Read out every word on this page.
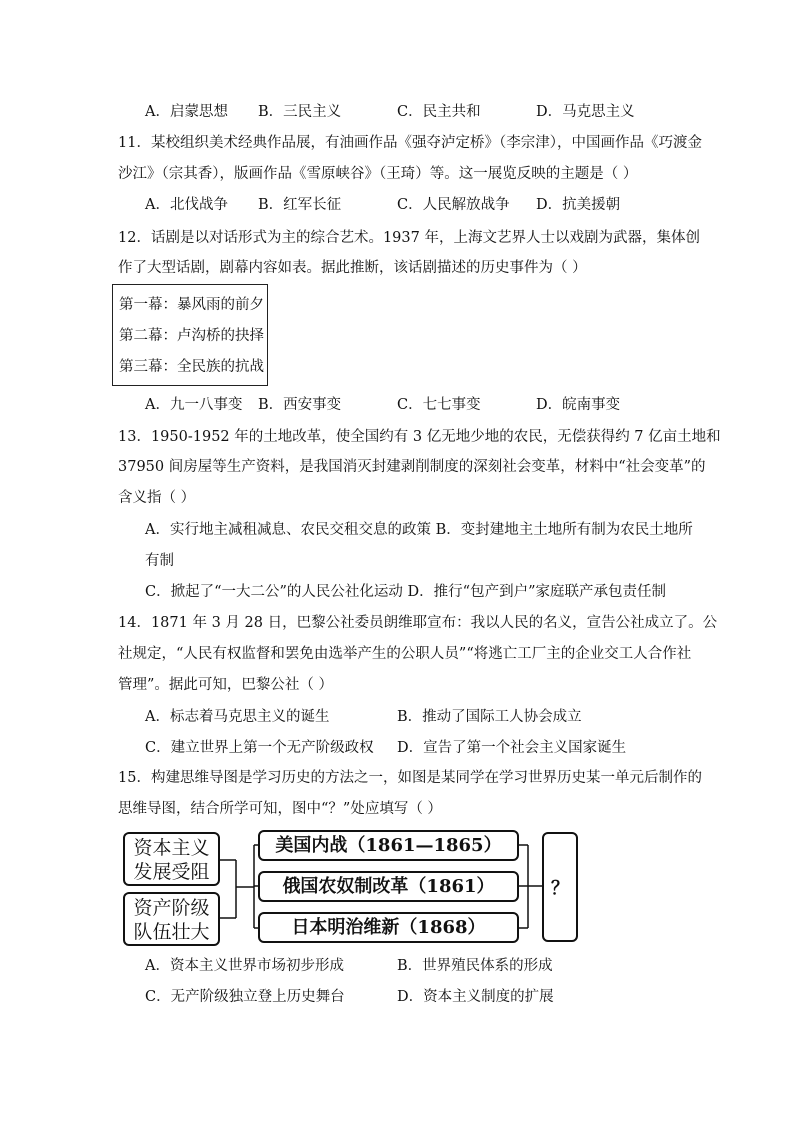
A．启蒙思想 B．三民主义	C．民主共和	D．马克思主义
11．某校组织美术经典作品展，有油画作品《强夺泸定桥》（李宗津），中国画作品《巧渡金
沙江》（宗其香），版画作品《雪原峡谷》（王琦）等。这一展览反映的主题是（ ）
A．北伐战争 B．红军长征	C．人民解放战争 D．抗美援朝
12．话剧是以对话形式为主的综合艺术。1937 年，上海文艺界人士以戏剧为武器，集体创
作了大型话剧，剧幕内容如表。据此推断，该话剧描述的历史事件为（ ）
第一幕：暴风雨的前夕
第二幕：卢沟桥的抉择
第三幕：全民族的抗战
A．九一八事变 B．西安事变	C．七七事变	D．皖南事变
13．1950-1952 年的土地改革，使全国约有 3 亿无地少地的农民，无偿获得约 7 亿亩土地和
37950 间房屋等生产资料，是我国消灭封建剥削制度的深刻社会变革，材料中“社会变革”的
含义指（ ）
A．实行地主减租减息、农民交租交息的政策 B．变封建地主土地所有制为农民土地所
有制
C．掀起了“一大二公”的人民公社化运动 D．推行“包产到户”家庭联产承包责任制
14．1871 年 3 月 28 日，巴黎公社委员朗维耶宣布：我以人民的名义，宣告公社成立了。公
社规定，“人民有权监督和罢免由选举产生的公职人员”“将逃亡工厂主的企业交工人合作社
管理”。据此可知，巴黎公社（ ）
A．标志着马克思主义的诞生	B．推动了国际工人协会成立
C．建立世界上第一个无产阶级政权 D．宣告了第一个社会主义国家诞生
15．构建思维导图是学习历史的方法之一，如图是某同学在学习世界历史某一单元后制作的
思维导图，结合所学可知，图中“？”处应填写（ ）
资本主义
发展受阻
资产阶级
队伍壮大
美国内战（1861—1865）
俄国农奴制改革（1861）
日本明治维新（1868）
？
A．资本主义世界市场初步形成	B．世界殖民体系的形成
C．无产阶级独立登上历史舞台	D．资本主义制度的扩展
